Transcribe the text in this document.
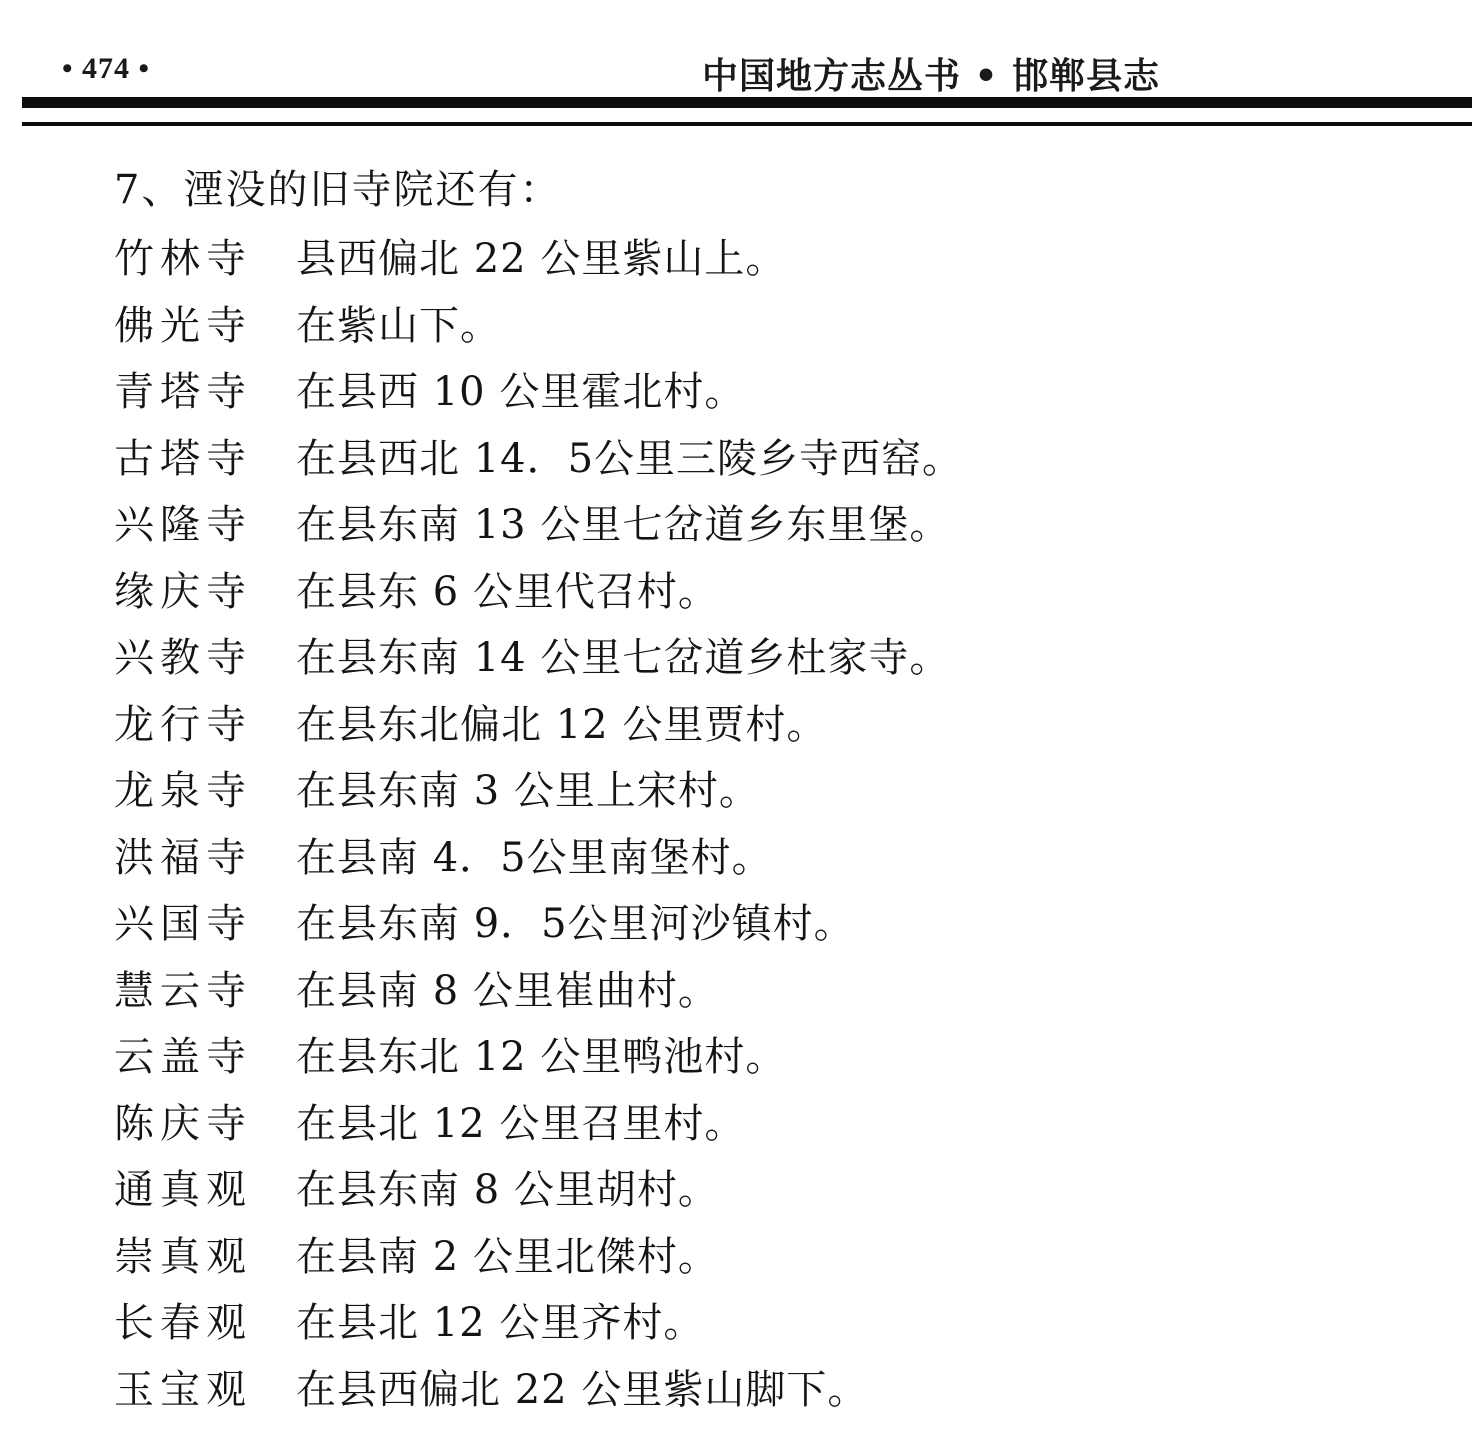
• 474 •	中国地方志丛书 • 邯郸县志
7、湮没的旧寺院还有：
竹林寺 县西偏北 22 公里紫山上。
佛光寺 在紫山下。
青塔寺 在县西 10 公里霍北村。
古塔寺 在县西北 14．5公里三陵乡寺西窑。
兴隆寺 在县东南 13 公里七岔道乡东里堡。
缘庆寺 在县东 6 公里代召村。
兴教寺 在县东南 14 公里七岔道乡杜家寺。
龙行寺 在县东北偏北 12 公里贾村。
龙泉寺 在县东南 3 公里上宋村。
洪福寺 在县南 4．5公里南堡村。
兴国寺 在县东南 9．5公里河沙镇村。
慧云寺 在县南 8 公里崔曲村。
云盖寺 在县东北 12 公里鸭池村。
陈庆寺 在县北 12 公里召里村。
通真观 在县东南 8 公里胡村。
崇真观 在县南 2 公里北傑村。
长春观 在县北 12 公里齐村。
玉宝观 在县西偏北 22 公里紫山脚下。
